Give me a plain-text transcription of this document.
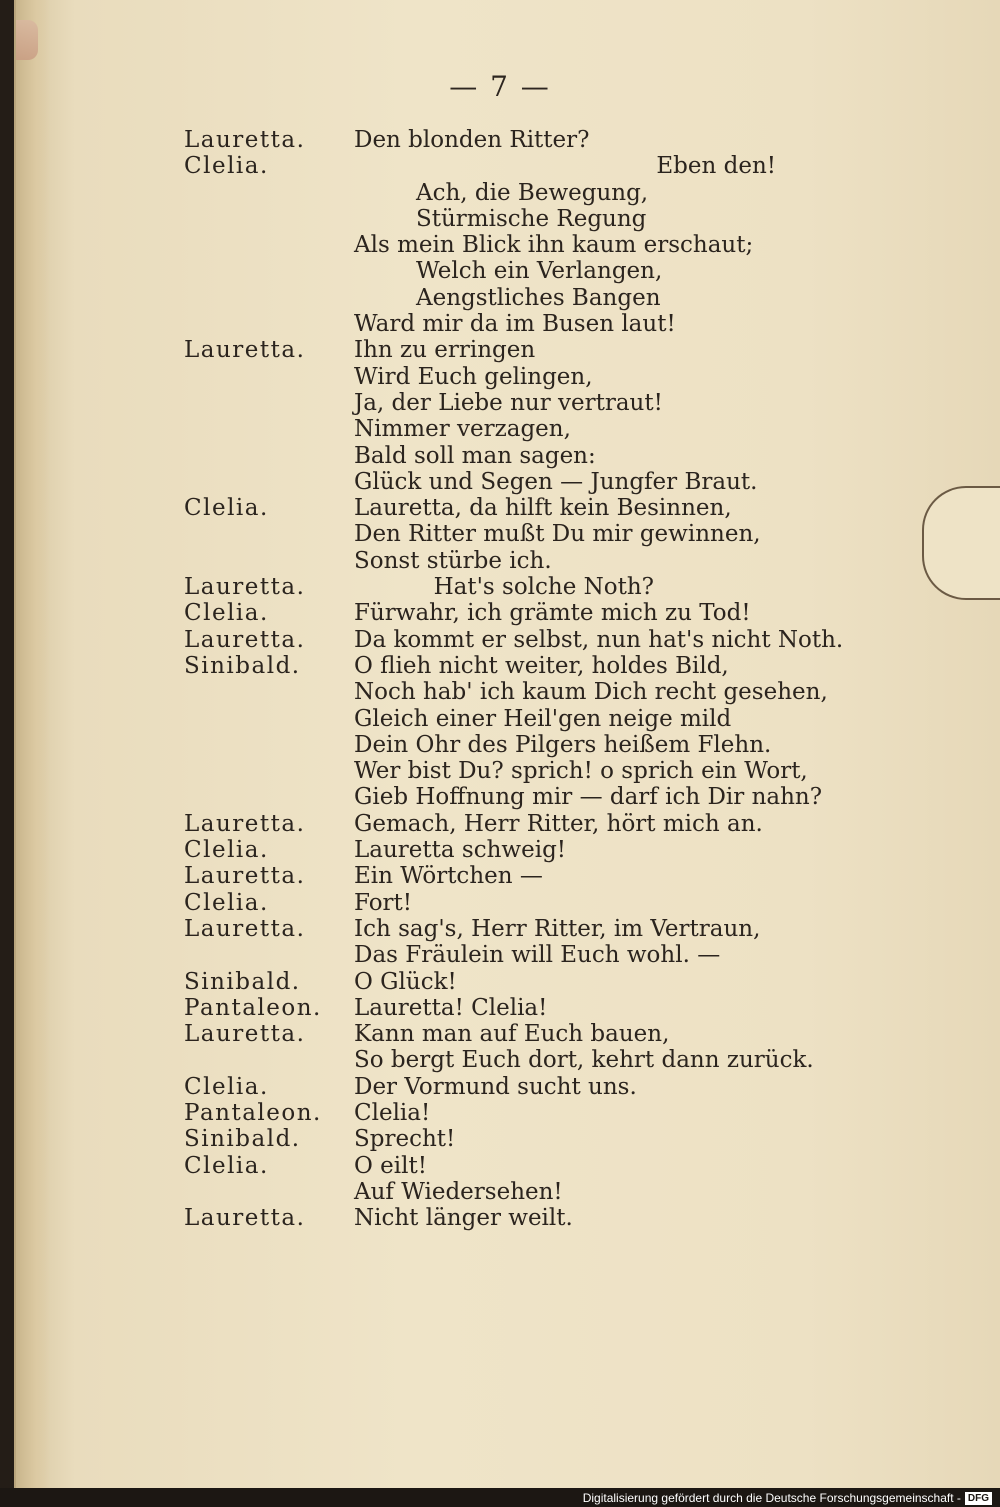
— 7 —
Lauretta.	Den blonden Ritter?
Clelia.	Eben den!
Ach, die Bewegung,
Stürmische Regung
Als mein Blick ihn kaum erschaut;
Welch ein Verlangen,
Aengstliches Bangen
Ward mir da im Busen laut!
Lauretta.	Ihn zu erringen
Wird Euch gelingen,
Ja, der Liebe nur vertraut!
Nimmer verzagen,
Bald soll man sagen:
Glück und Segen — Jungfer Braut.
Clelia.	Lauretta, da hilft kein Besinnen,
Den Ritter mußt Du mir gewinnen,
Sonst stürbe ich.
Lauretta.	Hat's solche Noth?
Clelia.	Fürwahr, ich grämte mich zu Tod!
Lauretta.	Da kommt er selbst, nun hat's nicht Noth.
Sinibald.	O flieh nicht weiter, holdes Bild,
Noch hab' ich kaum Dich recht gesehen,
Gleich einer Heil'gen neige mild
Dein Ohr des Pilgers heißem Flehn.
Wer bist Du? sprich! o sprich ein Wort,
Gieb Hoffnung mir — darf ich Dir nahn?
Lauretta.	Gemach, Herr Ritter, hört mich an.
Clelia.	Lauretta schweig!
Lauretta.	Ein Wörtchen —
Clelia.	Fort!
Lauretta.	Ich sag's, Herr Ritter, im Vertraun,
Das Fräulein will Euch wohl. —
Sinibald.	O Glück!
Pantaleon.	Lauretta! Clelia!
Lauretta.	Kann man auf Euch bauen,
So bergt Euch dort, kehrt dann zurück.
Clelia.	Der Vormund sucht uns.
Pantaleon.	Clelia!
Sinibald.	Sprecht!
Clelia.	O eilt!
Auf Wiedersehen!
Lauretta.	Nicht länger weilt.
Digitalisierung gefördert durch die Deutsche Forschungsgemeinschaft - DFG
